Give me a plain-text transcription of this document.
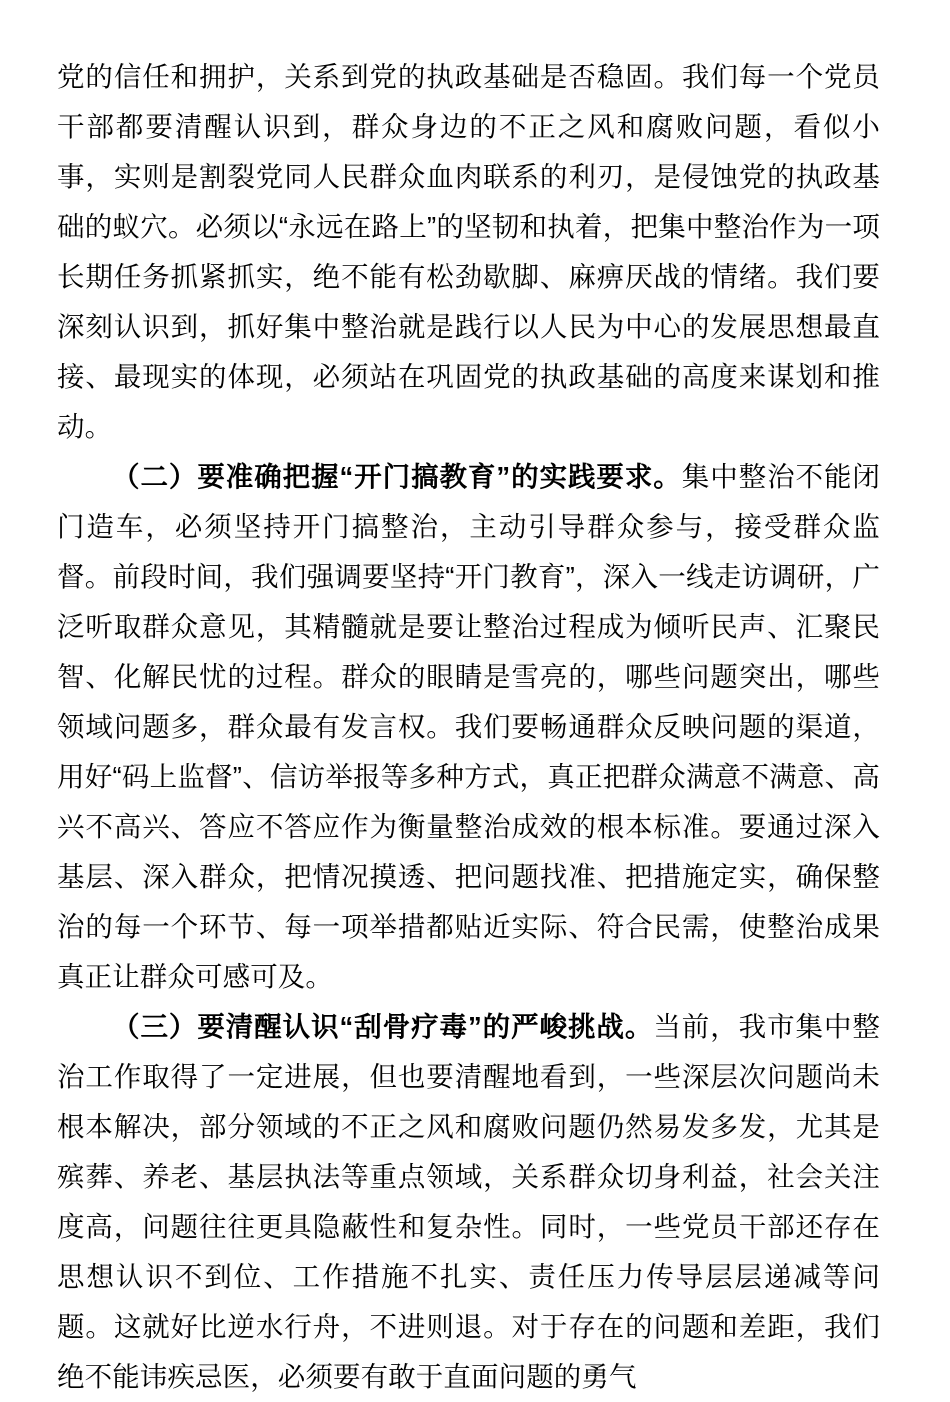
党的信任和拥护，关系到党的执政基础是否稳固。我们每一个党员干部都要清醒认识到，群众身边的不正之风和腐败问题，看似小事，实则是割裂党同人民群众血肉联系的利刃，是侵蚀党的执政基础的蚁穴。必须以“永远在路上”的坚韧和执着，把集中整治作为一项长期任务抓紧抓实，绝不能有松劲歇脚、麻痹厌战的情绪。我们要深刻认识到，抓好集中整治就是践行以人民为中心的发展思想最直接、最现实的体现，必须站在巩固党的执政基础的高度来谋划和推动。

（二）要准确把握“开门搞教育”的实践要求。集中整治不能闭门造车，必须坚持开门搞整治，主动引导群众参与，接受群众监督。前段时间，我们强调要坚持“开门教育”，深入一线走访调研，广泛听取群众意见，其精髓就是要让整治过程成为倾听民声、汇聚民智、化解民忧的过程。群众的眼睛是雪亮的，哪些问题突出，哪些领域问题多，群众最有发言权。我们要畅通群众反映问题的渠道，用好“码上监督”、信访举报等多种方式，真正把群众满意不满意、高兴不高兴、答应不答应作为衡量整治成效的根本标准。要通过深入基层、深入群众，把情况摸透、把问题找准、把措施定实，确保整治的每一个环节、每一项举措都贴近实际、符合民需，使整治成果真正让群众可感可及。

（三）要清醒认识“刮骨疗毒”的严峻挑战。当前，我市集中整治工作取得了一定进展，但也要清醒地看到，一些深层次问题尚未根本解决，部分领域的不正之风和腐败问题仍然易发多发，尤其是殡葬、养老、基层执法等重点领域，关系群众切身利益，社会关注度高，问题往往更具隐蔽性和复杂性。同时，一些党员干部还存在思想认识不到位、工作措施不扎实、责任压力传导层层递减等问题。这就好比逆水行舟，不进则退。对于存在的问题和差距，我们绝不能讳疾忌医，必须要有敢于直面问题的勇气
